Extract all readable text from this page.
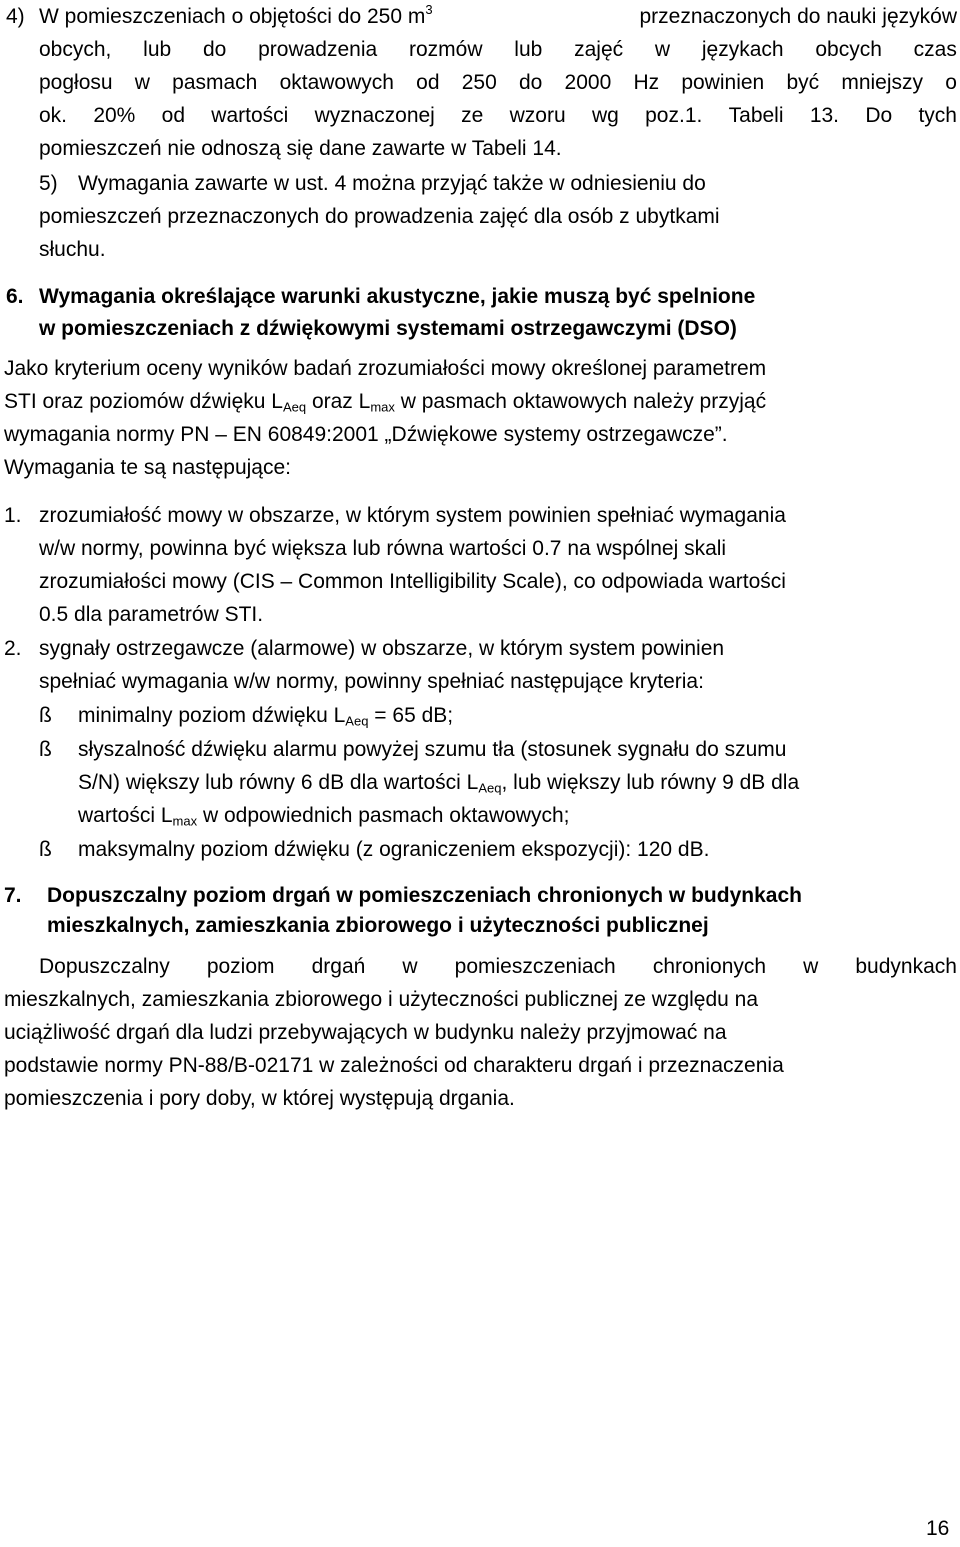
4) W pomieszczeniach o objętości do 250 $m^3$	przeznaczonych do nauki języków
obcych, lub do prowadzenia rozmów lub zajęć w językach obcych czas
pogłosu w pasmach oktawowych od 250 do 2000 Hz powinien być mniejszy o
ok. 20% od wartości wyznaczonej ze wzoru wg poz.1. Tabeli 13. Do tych
pomieszczeń nie odnoszą się dane zawarte w Tabeli 14.
5) Wymagania zawarte w ust. 4 można przyjąć także w odniesieniu do
pomieszczeń przeznaczonych do prowadzenia zajęć dla osób z ubytkami
słuchu.
6. Wymagania określające warunki akustyczne, jakie muszą być spelnione
w pomieszczeniach z dźwiękowymi systemami ostrzegawczymi (DSO)
Jako kryterium oceny wyników badań zrozumiałości mowy określonej parametrem
STI oraz poziomów dźwięku $L_{Aeq}$ oraz $L_{max}$ w pasmach oktawowych należy przyjąć
wymagania normy PN – EN 60849:2001 „Dźwiękowe systemy ostrzegawcze”.
Wymagania te są następujące:
1. zrozumiałość mowy w obszarze, w którym system powinien spełniać wymagania
w/w normy, powinna być większa lub równa wartości 0.7 na wspólnej skali
zrozumiałości mowy (CIS – Common Intelligibility Scale), co odpowiada wartości
0.5 dla parametrów STI.
2. sygnały ostrzegawcze (alarmowe) w obszarze, w którym system powinien
spełniać wymagania w/w normy, powinny spełniać następujące kryteria:
ß minimalny poziom dźwięku $L_{Aeq} = 65$ dB;
ß słyszalność dźwięku alarmu powyżej szumu tła (stosunek sygnału do szumu
S/N) większy lub równy 6 dB dla wartości $L_{Aeq}$, lub większy lub równy 9 dB dla
wartości $L_{max}$ w odpowiednich pasmach oktawowych;
ß maksymalny poziom dźwięku (z ograniczeniem ekspozycji): 120 dB.
7. Dopuszczalny poziom drgań w pomieszczeniach chronionych w budynkach
mieszkalnych, zamieszkania zbiorowego i użyteczności publicznej
Dopuszczalny poziom drgań w pomieszczeniach chronionych w budynkach
mieszkalnych, zamieszkania zbiorowego i użyteczności publicznej ze względu na
uciążliwość drgań dla ludzi przebywających w budynku należy przyjmować na
podstawie normy PN-88/B-02171 w zależności od charakteru drgań i przeznaczenia
pomieszczenia i pory doby, w której występują drgania.
16
